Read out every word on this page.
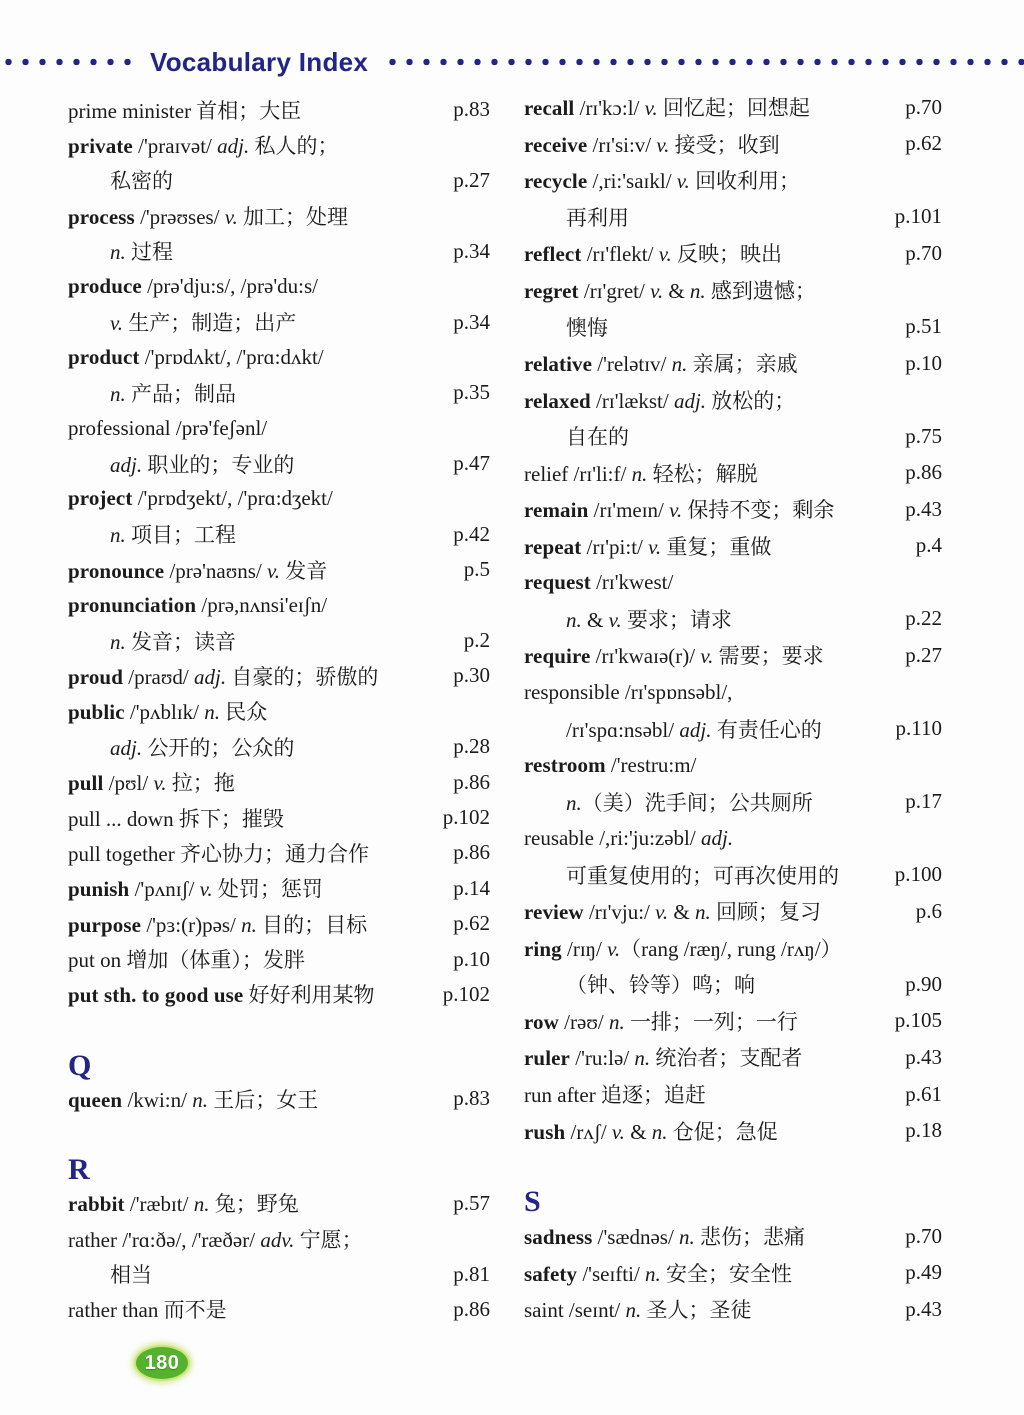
Vocabulary Index
prime minister 首相；大臣	p.83
private /'praɪvət/ adj. 私人的；
私密的	p.27
process /'prəʊses/ v. 加工；处理
n. 过程	p.34
produce /prə'dju:s/, /prə'du:s/
v. 生产；制造；出产	p.34
product /'prɒdʌkt/, /'prɑ:dʌkt/
n. 产品；制品	p.35
professional /prə'feʃənl/
adj. 职业的；专业的	p.47
project /'prɒdʒekt/, /'prɑ:dʒekt/
n. 项目；工程	p.42
pronounce /prə'naʊns/ v. 发音	p.5
pronunciation /prə,nʌnsi'eɪʃn/
n. 发音；读音	p.2
proud /praʊd/ adj. 自豪的；骄傲的	p.30
public /'pʌblɪk/ n. 民众
adj. 公开的；公众的	p.28
pull /pʊl/ v. 拉；拖	p.86
pull ... down 拆下；摧毁	p.102
pull together 齐心协力；通力合作	p.86
punish /'pʌnɪʃ/ v. 处罚；惩罚	p.14
purpose /'pɜ:(r)pəs/ n. 目的；目标	p.62
put on 增加（体重）；发胖	p.10
put sth. to good use 好好利用某物	p.102
Q
queen /kwi:n/ n. 王后；女王	p.83
R
rabbit /'ræbɪt/ n. 兔；野兔	p.57
rather /'rɑ:ðə/, /'ræðər/ adv. 宁愿；
相当	p.81
rather than 而不是	p.86
recall /rɪ'kɔ:l/ v. 回忆起；回想起	p.70
receive /rɪ'si:v/ v. 接受；收到	p.62
recycle /,ri:'saɪkl/ v. 回收利用；
再利用	p.101
reflect /rɪ'flekt/ v. 反映；映出	p.70
regret /rɪ'gret/ v. & n. 感到遗憾；
懊悔	p.51
relative /'relətɪv/ n. 亲属；亲戚	p.10
relaxed /rɪ'lækst/ adj. 放松的；
自在的	p.75
relief /rɪ'li:f/ n. 轻松；解脱	p.86
remain /rɪ'meɪn/ v. 保持不变；剩余	p.43
repeat /rɪ'pi:t/ v. 重复；重做	p.4
request /rɪ'kwest/
n. & v. 要求；请求	p.22
require /rɪ'kwaɪə(r)/ v. 需要；要求	p.27
responsible /rɪ'spɒnsəbl/,
/rɪ'spɑ:nsəbl/ adj. 有责任心的	p.110
restroom /'restru:m/
n.（美）洗手间；公共厕所	p.17
reusable /,ri:'ju:zəbl/ adj.
可重复使用的；可再次使用的	p.100
review /rɪ'vju:/ v. & n. 回顾；复习	p.6
ring /rɪŋ/ v.（rang /ræŋ/, rung /rʌŋ/）
（钟、铃等）鸣；响	p.90
row /rəʊ/ n. 一排；一列；一行	p.105
ruler /'ru:lə/ n. 统治者；支配者	p.43
run after 追逐；追赶	p.61
rush /rʌʃ/ v. & n. 仓促；急促	p.18
S
sadness /'sædnəs/ n. 悲伤；悲痛	p.70
safety /'seɪfti/ n. 安全；安全性	p.49
saint /seɪnt/ n. 圣人；圣徒	p.43
180
